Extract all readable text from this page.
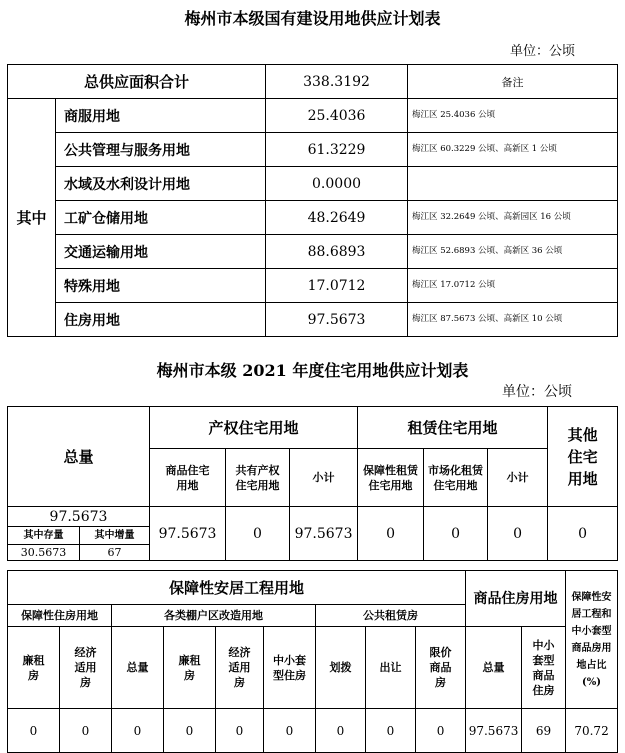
梅州市本级国有建设用地供应计划表
单位：公顷
总供应面积合计		338.3192	备注
其中	商服用地	25.4036	梅江区 25.4036 公顷
	公共管理与服务用地	61.3229	梅江区 60.3229 公顷、高新区 1 公顷
	水域及水利设计用地	0.0000	
	工矿仓储用地	48.2649	梅江区 32.2649 公顷、高新园区 16 公顷
	交通运输用地	88.6893	梅江区 52.6893 公顷、高新区 36 公顷
	特殊用地	17.0712	梅江区 17.0712 公顷
	住房用地	97.5673	梅江区 87.5673 公顷、高新区 10 公顷
梅州市本级 2021 年度住宅用地供应计划表
单位：公顷
总量		产权住宅用地			租赁住宅用地			其他住宅用地
		商品住宅用地	共有产权住宅用地	小计	保障性租赁住宅用地	市场化租赁住宅用地	小计	
97.5673		97.5673	0	97.5673	0	0	0	0
其中存量	其中增量							
30.5673	67							
保障性安居工程用地									商品住房用地		保障性安居工程和中小套型商品房用地占比(%)
保障性住房用地		各类棚户区改造用地				公共租赁房					
廉租房	经济适用房	总量	廉租房	经济适用房	中小套型住房	划拨	出让	限价商品房	总量	中小套型商品住房	
0	0	0	0	0	0	0	0	0	97.5673	69	70.72
